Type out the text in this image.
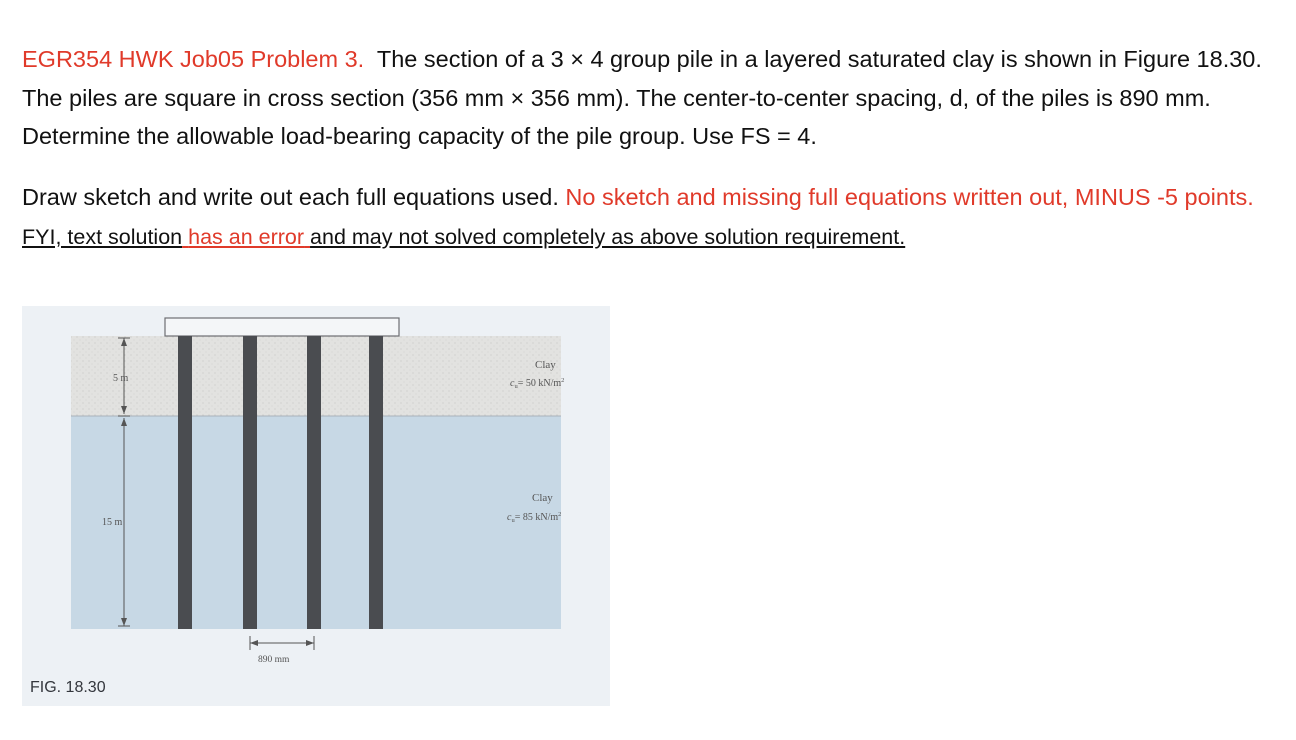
EGR354 HWK Job05 Problem 3. The section of a 3 × 4 group pile in a layered saturated clay is shown in Figure 18.30. The piles are square in cross section (356 mm × 356 mm). The center-to-center spacing, d, of the piles is 890 mm. Determine the allowable load-bearing capacity of the pile group. Use FS = 4.

Draw sketch and write out each full equations used. No sketch and missing full equations written out, MINUS -5 points. FYI, text solution has an error and may not solved completely as above solution requirement.

5 m
15 m
890 mm
Clay
$c_u= 50$ $kN/m^2$
Clay
$c_u= 85$ $kN/m^2$
FIG. 18.30
